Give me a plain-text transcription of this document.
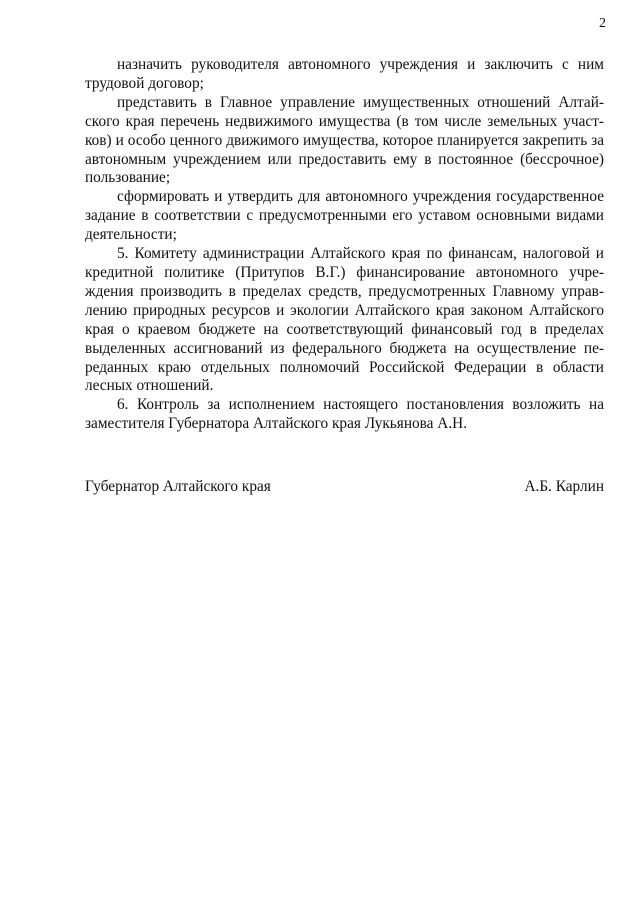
2

назначить руководителя автономного учреждения и заключить с ним трудовой договор;

представить в Главное управление имущественных отношений Алтайского края перечень недвижимого имущества (в том числе земельных участков) и особо ценного движимого имущества, которое планируется закрепить за автономным учреждением или предоставить ему в постоянное (бессрочное) пользование;

сформировать и утвердить для автономного учреждения государственное задание в соответствии с предусмотренными его уставом основными видами деятельности;

5. Комитету администрации Алтайского края по финансам, налоговой и кредитной политике (Притупов В.Г.) финансирование автономного учреждения производить в пределах средств, предусмотренных Главному управлению природных ресурсов и экологии Алтайского края законом Алтайского края о краевом бюджете на соответствующий финансовый год в пределах выделенных ассигнований из федерального бюджета на осуществление переданных краю отдельных полномочий Российской Федерации в области лесных отношений.

6. Контроль за исполнением настоящего постановления возложить на заместителя Губернатора Алтайского края Лукьянова А.Н.

Губернатор Алтайского края	А.Б. Карлин
